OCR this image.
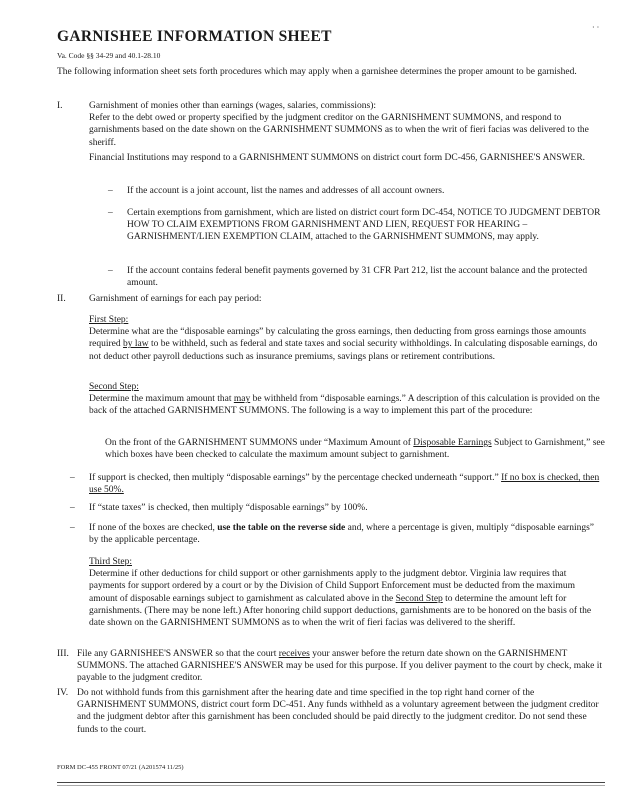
· ·
GARNISHEE INFORMATION SHEET
Va. Code §§ 34-29 and 40.1-28.10

The following information sheet sets forth procedures which may apply when a garnishee determines the proper amount to be garnished.

I.	Garnishment of monies other than earnings (wages, salaries, commissions):

Refer to the debt owed or property specified by the judgment creditor on the GARNISHMENT SUMMONS, and respond to garnishments based on the date shown on the GARNISHMENT SUMMONS as to when the writ of fieri facias was delivered to the sheriff.

Financial Institutions may respond to a GARNISHMENT SUMMONS on district court form DC-456, GARNISHEE'S ANSWER.

– If the account is a joint account, list the names and addresses of all account owners.

– Certain exemptions from garnishment, which are listed on district court form DC-454, NOTICE TO JUDGMENT DEBTOR HOW TO CLAIM EXEMPTIONS FROM GARNISHMENT AND LIEN, REQUEST FOR HEARING – GARNISHMENT/LIEN EXEMPTION CLAIM, attached to the GARNISHMENT SUMMONS, may apply.

– If the account contains federal benefit payments governed by 31 CFR Part 212, list the account balance and the protected amount.

II. Garnishment of earnings for each pay period:

First Step:

Determine what are the “disposable earnings” by calculating the gross earnings, then deducting from gross earnings those amounts required by law to be withheld, such as federal and state taxes and social security withholdings. In calculating disposable earnings, do not deduct other payroll deductions such as insurance premiums, savings plans or retirement contributions.

Second Step:

Determine the maximum amount that may be withheld from “disposable earnings.” A description of this calculation is provided on the back of the attached GARNISHMENT SUMMONS. The following is a way to implement this part of the procedure:

On the front of the GARNISHMENT SUMMONS under “Maximum Amount of Disposable Earnings Subject to Garnishment,” see which boxes have been checked to calculate the maximum amount subject to garnishment.

– If support is checked, then multiply “disposable earnings” by the percentage checked underneath “support.” If no box is checked, then use 50%.

– If “state taxes” is checked, then multiply “disposable earnings” by 100%.

– If none of the boxes are checked, use the table on the reverse side and, where a percentage is given, multiply “disposable earnings” by the applicable percentage.

Third Step:

Determine if other deductions for child support or other garnishments apply to the judgment debtor. Virginia law requires that payments for support ordered by a court or by the Division of Child Support Enforcement must be deducted from the maximum amount of disposable earnings subject to garnishment as calculated above in the Second Step to determine the amount left for garnishments. (There may be none left.) After honoring child support deductions, garnishments are to be honored on the basis of the date shown on the GARNISHMENT SUMMONS as to when the writ of fieri facias was delivered to the sheriff.

III. File any GARNISHEE'S ANSWER so that the court receives your answer before the return date shown on the GARNISHMENT SUMMONS. The attached GARNISHEE'S ANSWER may be used for this purpose. If you deliver payment to the court by check, make it payable to the judgment creditor.

IV. Do not withhold funds from this garnishment after the hearing date and time specified in the top right hand corner of the GARNISHMENT SUMMONS, district court form DC-451. Any funds withheld as a voluntary agreement between the judgment creditor and the judgment debtor after this garnishment has been concluded should be paid directly to the judgment creditor. Do not send these funds to the court.

FORM DC-455 FRONT 07/21 (A201574 11/25)
